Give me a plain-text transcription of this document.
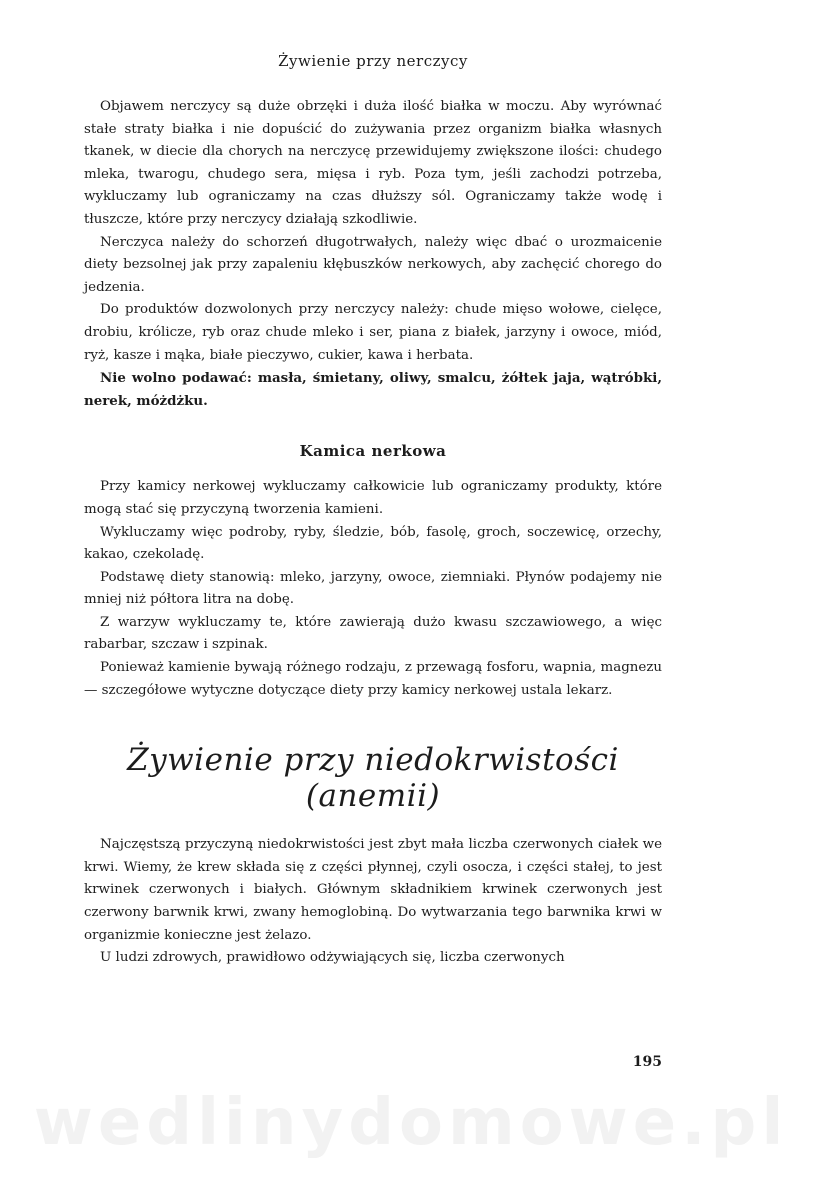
Żywienie przy nerczycy

Objawem nerczycy są duże obrzęki i duża ilość białka w moczu. Aby wyrównać stałe straty białka i nie dopuścić do zużywania przez organizm białka własnych tkanek, w diecie dla chorych na nerczycę przewidujemy zwiększone ilości: chudego mleka, twarogu, chudego sera, mięsa i ryb. Poza tym, jeśli zachodzi potrzeba, wykluczamy lub ograniczamy na czas dłuższy sól. Ograniczamy także wodę i tłuszcze, które przy nerczycy działają szkodliwie.

Nerczyca należy do schorzeń długotrwałych, należy więc dbać o urozmaicenie diety bezsolnej jak przy zapaleniu kłębuszków nerkowych, aby zachęcić chorego do jedzenia.

Do produktów dozwolonych przy nerczycy należy: chude mięso wołowe, cielęce, drobiu, królicze, ryb oraz chude mleko i ser, piana z białek, jarzyny i owoce, miód, ryż, kasze i mąka, białe pieczywo, cukier, kawa i herbata.

Nie wolno podawać: masła, śmietany, oliwy, smalcu, żółtek jaja, wątróbki, nerek, móżdżku.

Kamica nerkowa

Przy kamicy nerkowej wykluczamy całkowicie lub ograniczamy produkty, które mogą stać się przyczyną tworzenia kamieni.

Wykluczamy więc podroby, ryby, śledzie, bób, fasolę, groch, soczewicę, orzechy, kakao, czekoladę.

Podstawę diety stanowią: mleko, jarzyny, owoce, ziemniaki. Płynów podajemy nie mniej niż półtora litra na dobę.

Z warzyw wykluczamy te, które zawierają dużo kwasu szczawiowego, a więc rabarbar, szczaw i szpinak.

Ponieważ kamienie bywają różnego rodzaju, z przewagą fosforu, wapnia, magnezu — szczegółowe wytyczne dotyczące diety przy kamicy nerkowej ustala lekarz.

Żywienie przy niedokrwistości (anemii)

Najczęstszą przyczyną niedokrwistości jest zbyt mała liczba czerwonych ciałek we krwi. Wiemy, że krew składa się z części płynnej, czyli osocza, i części stałej, to jest krwinek czerwonych i białych. Głównym składnikiem krwinek czerwonych jest czerwony barwnik krwi, zwany hemoglobiną. Do wytwarzania tego barwnika krwi w organizmie konieczne jest żelazo.

U ludzi zdrowych, prawidłowo odżywiających się, liczba czerwonych

195
wedlinydomowe.pl
